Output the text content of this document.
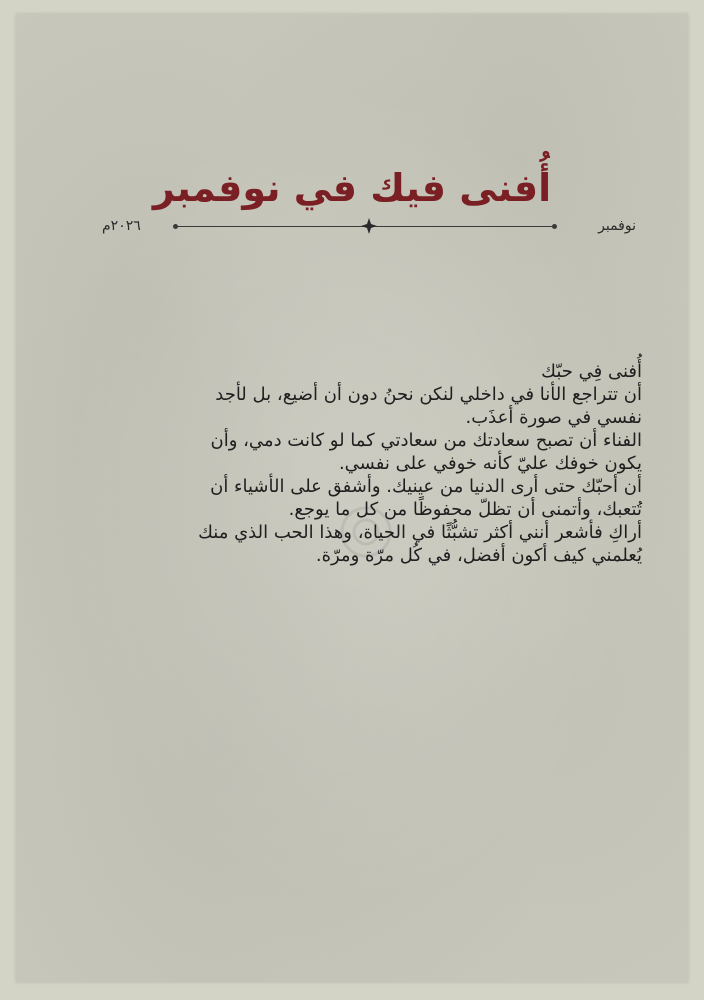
أُفنى فيك في نوفمبر
نوفمبر
٢٠٢٦م
أُفنى فِي حبّك
أن تتراجع الأنا في داخلي لنكن نحنُ دون أن أضيع، بل لأجد
نفسي في صورة أعذَب.
الفناء أن تصبح سعادتك من سعادتي كما لو كانت دمي، وأن
يكون خوفك عليّ كأنه خوفي على نفسي.
أن أحبّك حتى أرى الدنيا من عينيك. وأشفق على الأشياء أن
تُتعبك، وأتمنى أن تظلّ محفوظًا من كل ما يوجع.
أراكِ فأشعر أنني أكثر تشبُّثًا في الحياة، وهذا الحب الذي منك
يُعلمني كيف أكون أفضل، في كُل مرّة ومرّة.
